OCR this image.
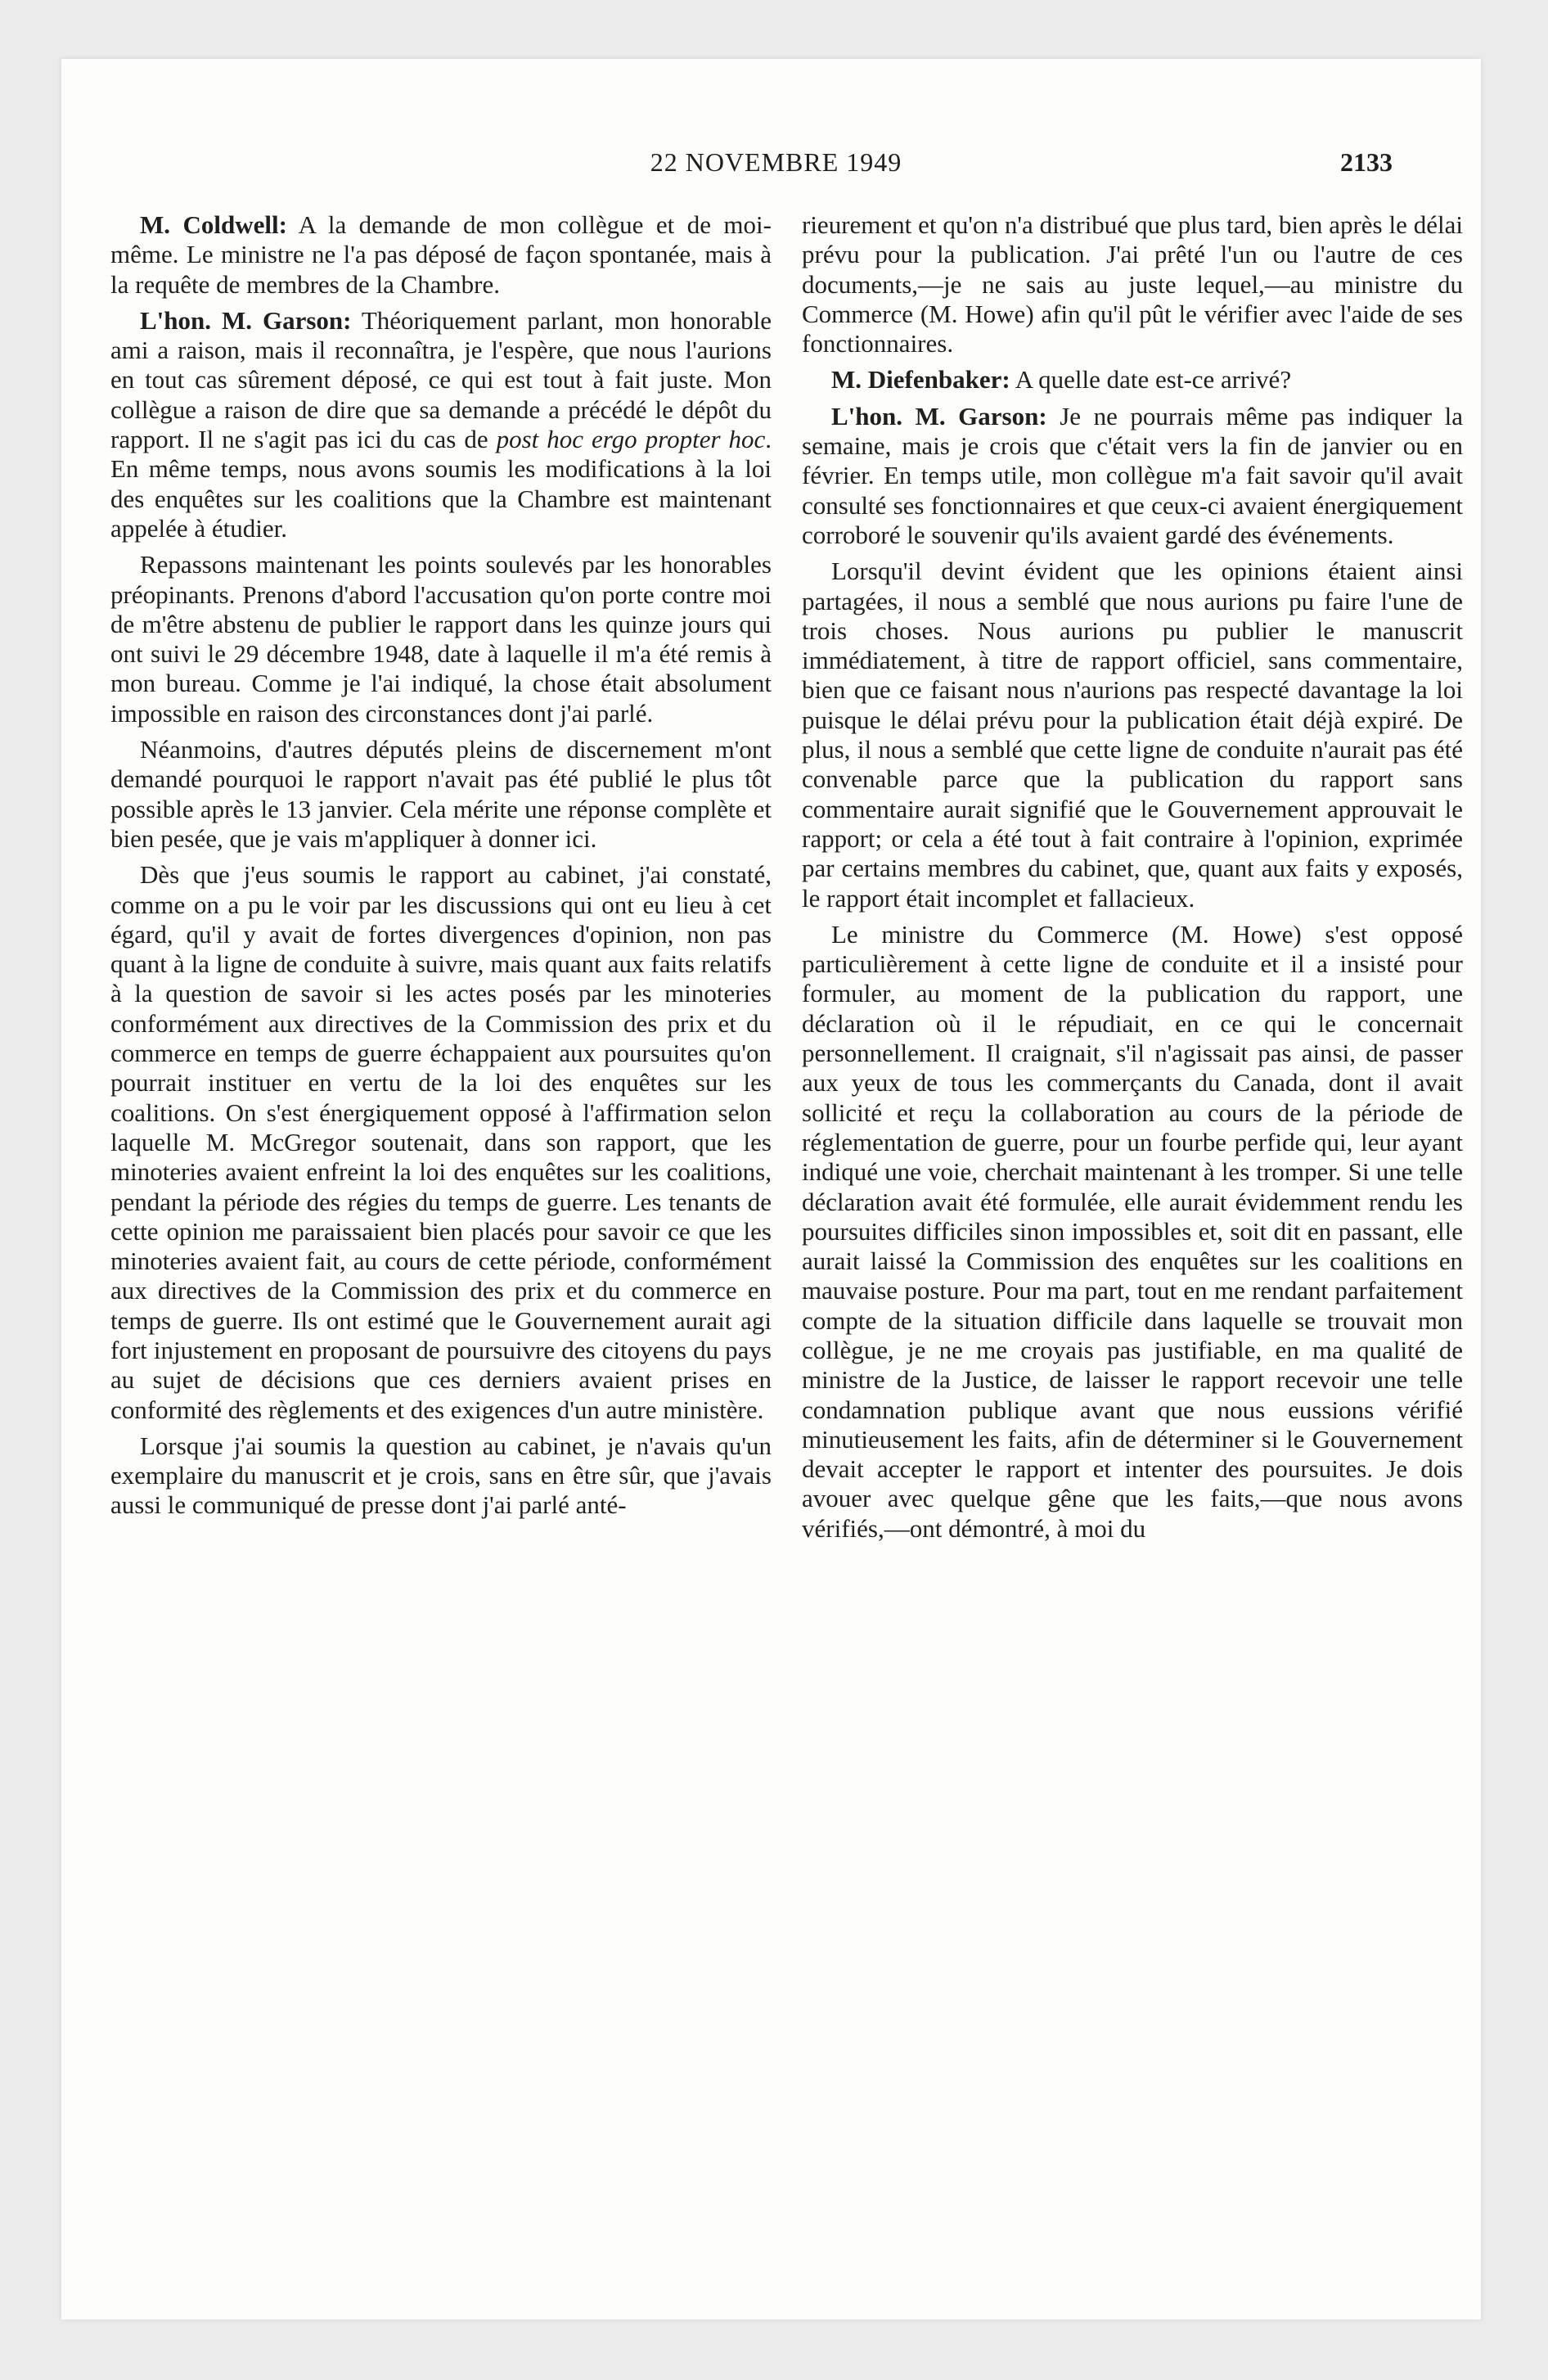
22 NOVEMBRE 1949	2133

M. Coldwell: A la demande de mon collègue et de moi-même. Le ministre ne l'a pas déposé de façon spontanée, mais à la requête de membres de la Chambre.

L'hon. M. Garson: Théoriquement parlant, mon honorable ami a raison, mais il reconnaîtra, je l'espère, que nous l'aurions en tout cas sûrement déposé, ce qui est tout à fait juste. Mon collègue a raison de dire que sa demande a précédé le dépôt du rapport. Il ne s'agit pas ici du cas de post hoc ergo propter hoc. En même temps, nous avons soumis les modifications à la loi des enquêtes sur les coalitions que la Chambre est maintenant appelée à étudier.

Repassons maintenant les points soulevés par les honorables préopinants. Prenons d'abord l'accusation qu'on porte contre moi de m'être abstenu de publier le rapport dans les quinze jours qui ont suivi le 29 décembre 1948, date à laquelle il m'a été remis à mon bureau. Comme je l'ai indiqué, la chose était absolument impossible en raison des circonstances dont j'ai parlé.

Néanmoins, d'autres députés pleins de discernement m'ont demandé pourquoi le rapport n'avait pas été publié le plus tôt possible après le 13 janvier. Cela mérite une réponse complète et bien pesée, que je vais m'appliquer à donner ici.

Dès que j'eus soumis le rapport au cabinet, j'ai constaté, comme on a pu le voir par les discussions qui ont eu lieu à cet égard, qu'il y avait de fortes divergences d'opinion, non pas quant à la ligne de conduite à suivre, mais quant aux faits relatifs à la question de savoir si les actes posés par les minoteries conformément aux directives de la Commission des prix et du commerce en temps de guerre échappaient aux poursuites qu'on pourrait instituer en vertu de la loi des enquêtes sur les coalitions. On s'est énergiquement opposé à l'affirmation selon laquelle M. McGregor soutenait, dans son rapport, que les minoteries avaient enfreint la loi des enquêtes sur les coalitions, pendant la période des régies du temps de guerre. Les tenants de cette opinion me paraissaient bien placés pour savoir ce que les minoteries avaient fait, au cours de cette période, conformément aux directives de la Commission des prix et du commerce en temps de guerre. Ils ont estimé que le Gouvernement aurait agi fort injustement en proposant de poursuivre des citoyens du pays au sujet de décisions que ces derniers avaient prises en conformité des règlements et des exigences d'un autre ministère.

Lorsque j'ai soumis la question au cabinet, je n'avais qu'un exemplaire du manuscrit et je crois, sans en être sûr, que j'avais aussi le communiqué de presse dont j'ai parlé anté-

rieurement et qu'on n'a distribué que plus tard, bien après le délai prévu pour la publication. J'ai prêté l'un ou l'autre de ces documents,—je ne sais au juste lequel,—au ministre du Commerce (M. Howe) afin qu'il pût le vérifier avec l'aide de ses fonctionnaires.

M. Diefenbaker: A quelle date est-ce arrivé?

L'hon. M. Garson: Je ne pourrais même pas indiquer la semaine, mais je crois que c'était vers la fin de janvier ou en février. En temps utile, mon collègue m'a fait savoir qu'il avait consulté ses fonctionnaires et que ceux-ci avaient énergiquement corroboré le souvenir qu'ils avaient gardé des événements.

Lorsqu'il devint évident que les opinions étaient ainsi partagées, il nous a semblé que nous aurions pu faire l'une de trois choses. Nous aurions pu publier le manuscrit immédiatement, à titre de rapport officiel, sans commentaire, bien que ce faisant nous n'aurions pas respecté davantage la loi puisque le délai prévu pour la publication était déjà expiré. De plus, il nous a semblé que cette ligne de conduite n'aurait pas été convenable parce que la publication du rapport sans commentaire aurait signifié que le Gouvernement approuvait le rapport; or cela a été tout à fait contraire à l'opinion, exprimée par certains membres du cabinet, que, quant aux faits y exposés, le rapport était incomplet et fallacieux.

Le ministre du Commerce (M. Howe) s'est opposé particulièrement à cette ligne de conduite et il a insisté pour formuler, au moment de la publication du rapport, une déclaration où il le répudiait, en ce qui le concernait personnellement. Il craignait, s'il n'agissait pas ainsi, de passer aux yeux de tous les commerçants du Canada, dont il avait sollicité et reçu la collaboration au cours de la période de réglementation de guerre, pour un fourbe perfide qui, leur ayant indiqué une voie, cherchait maintenant à les tromper. Si une telle déclaration avait été formulée, elle aurait évidemment rendu les poursuites difficiles sinon impossibles et, soit dit en passant, elle aurait laissé la Commission des enquêtes sur les coalitions en mauvaise posture. Pour ma part, tout en me rendant parfaitement compte de la situation difficile dans laquelle se trouvait mon collègue, je ne me croyais pas justifiable, en ma qualité de ministre de la Justice, de laisser le rapport recevoir une telle condamnation publique avant que nous eussions vérifié minutieusement les faits, afin de déterminer si le Gouvernement devait accepter le rapport et intenter des poursuites. Je dois avouer avec quelque gêne que les faits,—que nous avons vérifiés,—ont démontré, à moi du
